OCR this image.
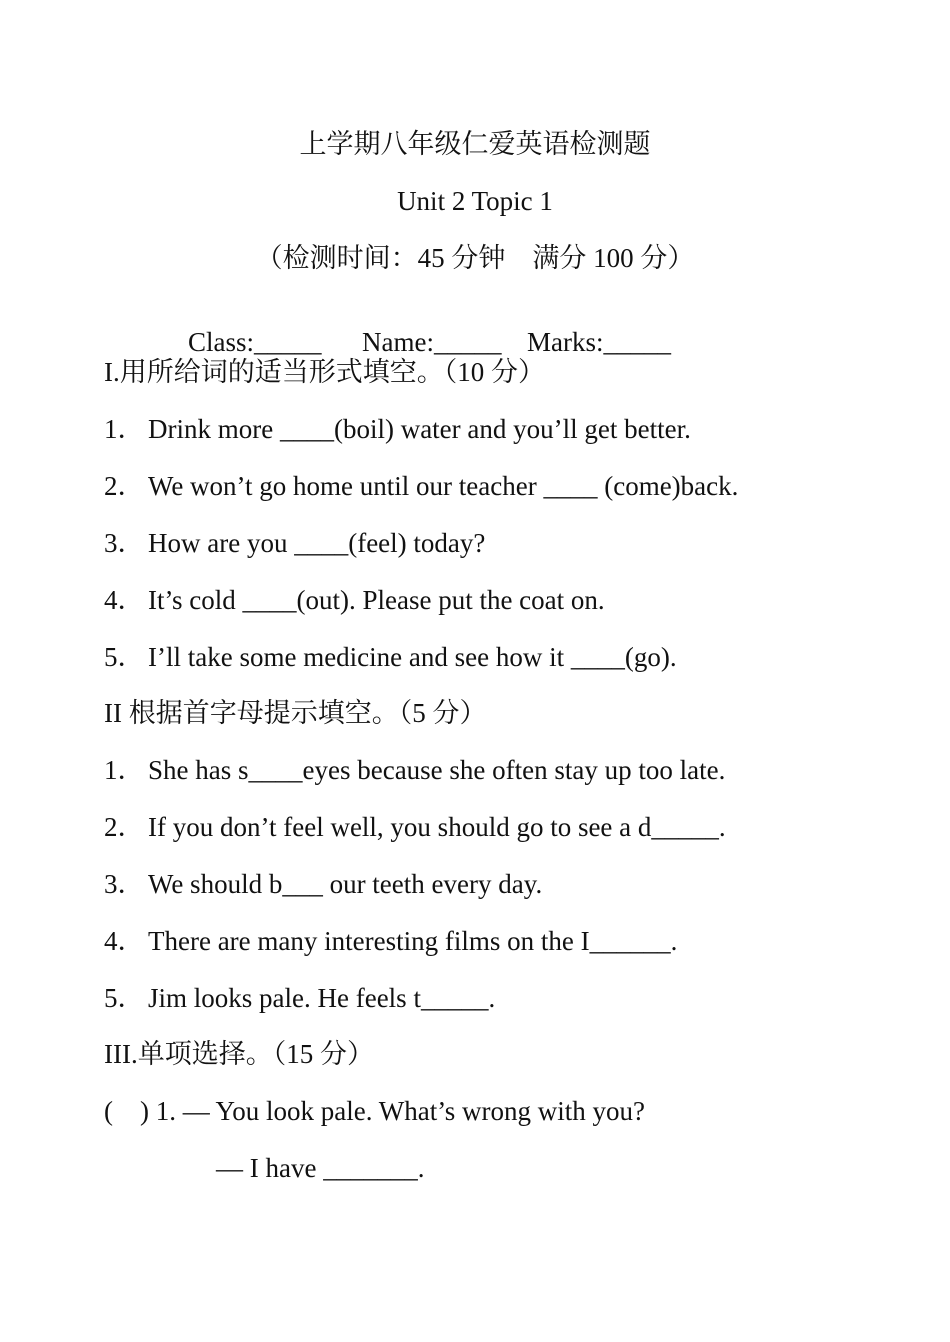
上学期八年级仁爱英语检测题
Unit 2 Topic 1
（检测时间：45 分钟　满分 100 分）

Class:_____ Name:_____ Marks:_____

I.用所给词的适当形式填空。（10 分）
1． Drink more ____(boil) water and you’ll get better.
2． We won’t go home until our teacher ____ (come)back.
3． How are you ____(feel) today?
4． It’s cold ____(out). Please put the coat on.
5． I’ll take some medicine and see how it ____(go).
II 根据首字母提示填空。（5 分）
1． She has s____eyes because she often stay up too late.
2． If you don’t feel well, you should go to see a d_____.
3． We should b___ our teeth every day.
4． There are many interesting films on the I______.
5． Jim looks pale. He feels t_____.
III.单项选择。（15 分）
(　) 1. — You look pale. What’s wrong with you?
— I have _______.
